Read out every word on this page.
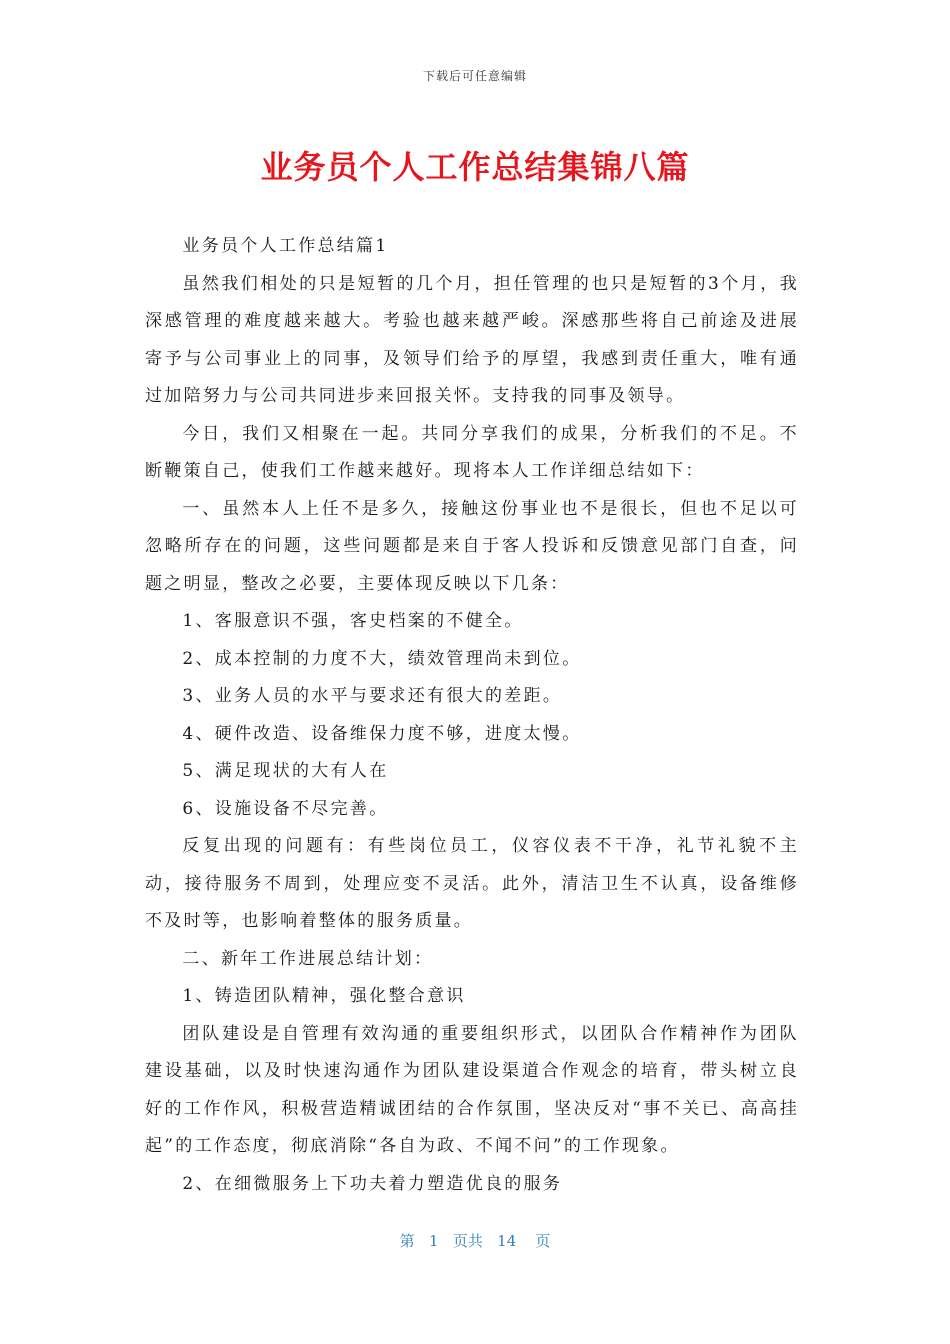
下载后可任意编辑
业务员个人工作总结集锦八篇

业务员个人工作总结篇1

虽然我们相处的只是短暂的几个月，担任管理的也只是短暂的3个月，我深感管理的难度越来越大。考验也越来越严峻。深感那些将自己前途及进展寄予与公司事业上的同事，及领导们给予的厚望，我感到责任重大，唯有通过加陪努力与公司共同进步来回报关怀。支持我的同事及领导。

今日，我们又相聚在一起。共同分享我们的成果，分析我们的不足。不断鞭策自己，使我们工作越来越好。现将本人工作详细总结如下：

一、虽然本人上任不是多久，接触这份事业也不是很长，但也不足以可忽略所存在的问题，这些问题都是来自于客人投诉和反馈意见部门自查，问题之明显，整改之必要，主要体现反映以下几条：

1、客服意识不强，客史档案的不健全。

2、成本控制的力度不大，绩效管理尚未到位。

3、业务人员的水平与要求还有很大的差距。

4、硬件改造、设备维保力度不够，进度太慢。

5、满足现状的大有人在

6、设施设备不尽完善。

反复出现的问题有：有些岗位员工，仪容仪表不干净，礼节礼貌不主动，接待服务不周到，处理应变不灵活。此外，清洁卫生不认真，设备维修不及时等，也影响着整体的服务质量。

二、新年工作进展总结计划：

1、铸造团队精神，强化整合意识

团队建设是自管理有效沟通的重要组织形式，以团队合作精神作为团队建设基础，以及时快速沟通作为团队建设渠道合作观念的培育，带头树立良好的工作作风，积极营造精诚团结的合作氛围，坚决反对“事不关已、高高挂起”的工作态度，彻底消除“各自为政、不闻不问”的工作现象。

2、在细微服务上下功夫着力塑造优良的服务

第 1 页共 14 页
